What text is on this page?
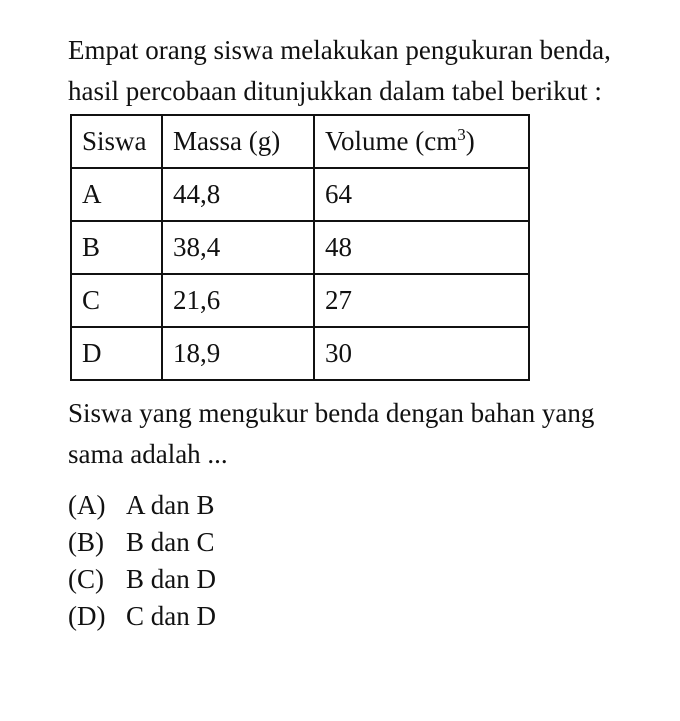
Empat orang siswa melakukan pengukuran benda, hasil percobaan ditunjukkan dalam tabel berikut :

Siswa	Massa (g)	Volume $(cm^3)$
A	44,8	64
B	38,4	48
C	21,6	27
D	18,9	30

Siswa yang mengukur benda dengan bahan yang sama adalah ...

(A) A dan B
(B) B dan C
(C) B dan D
(D) C dan D
